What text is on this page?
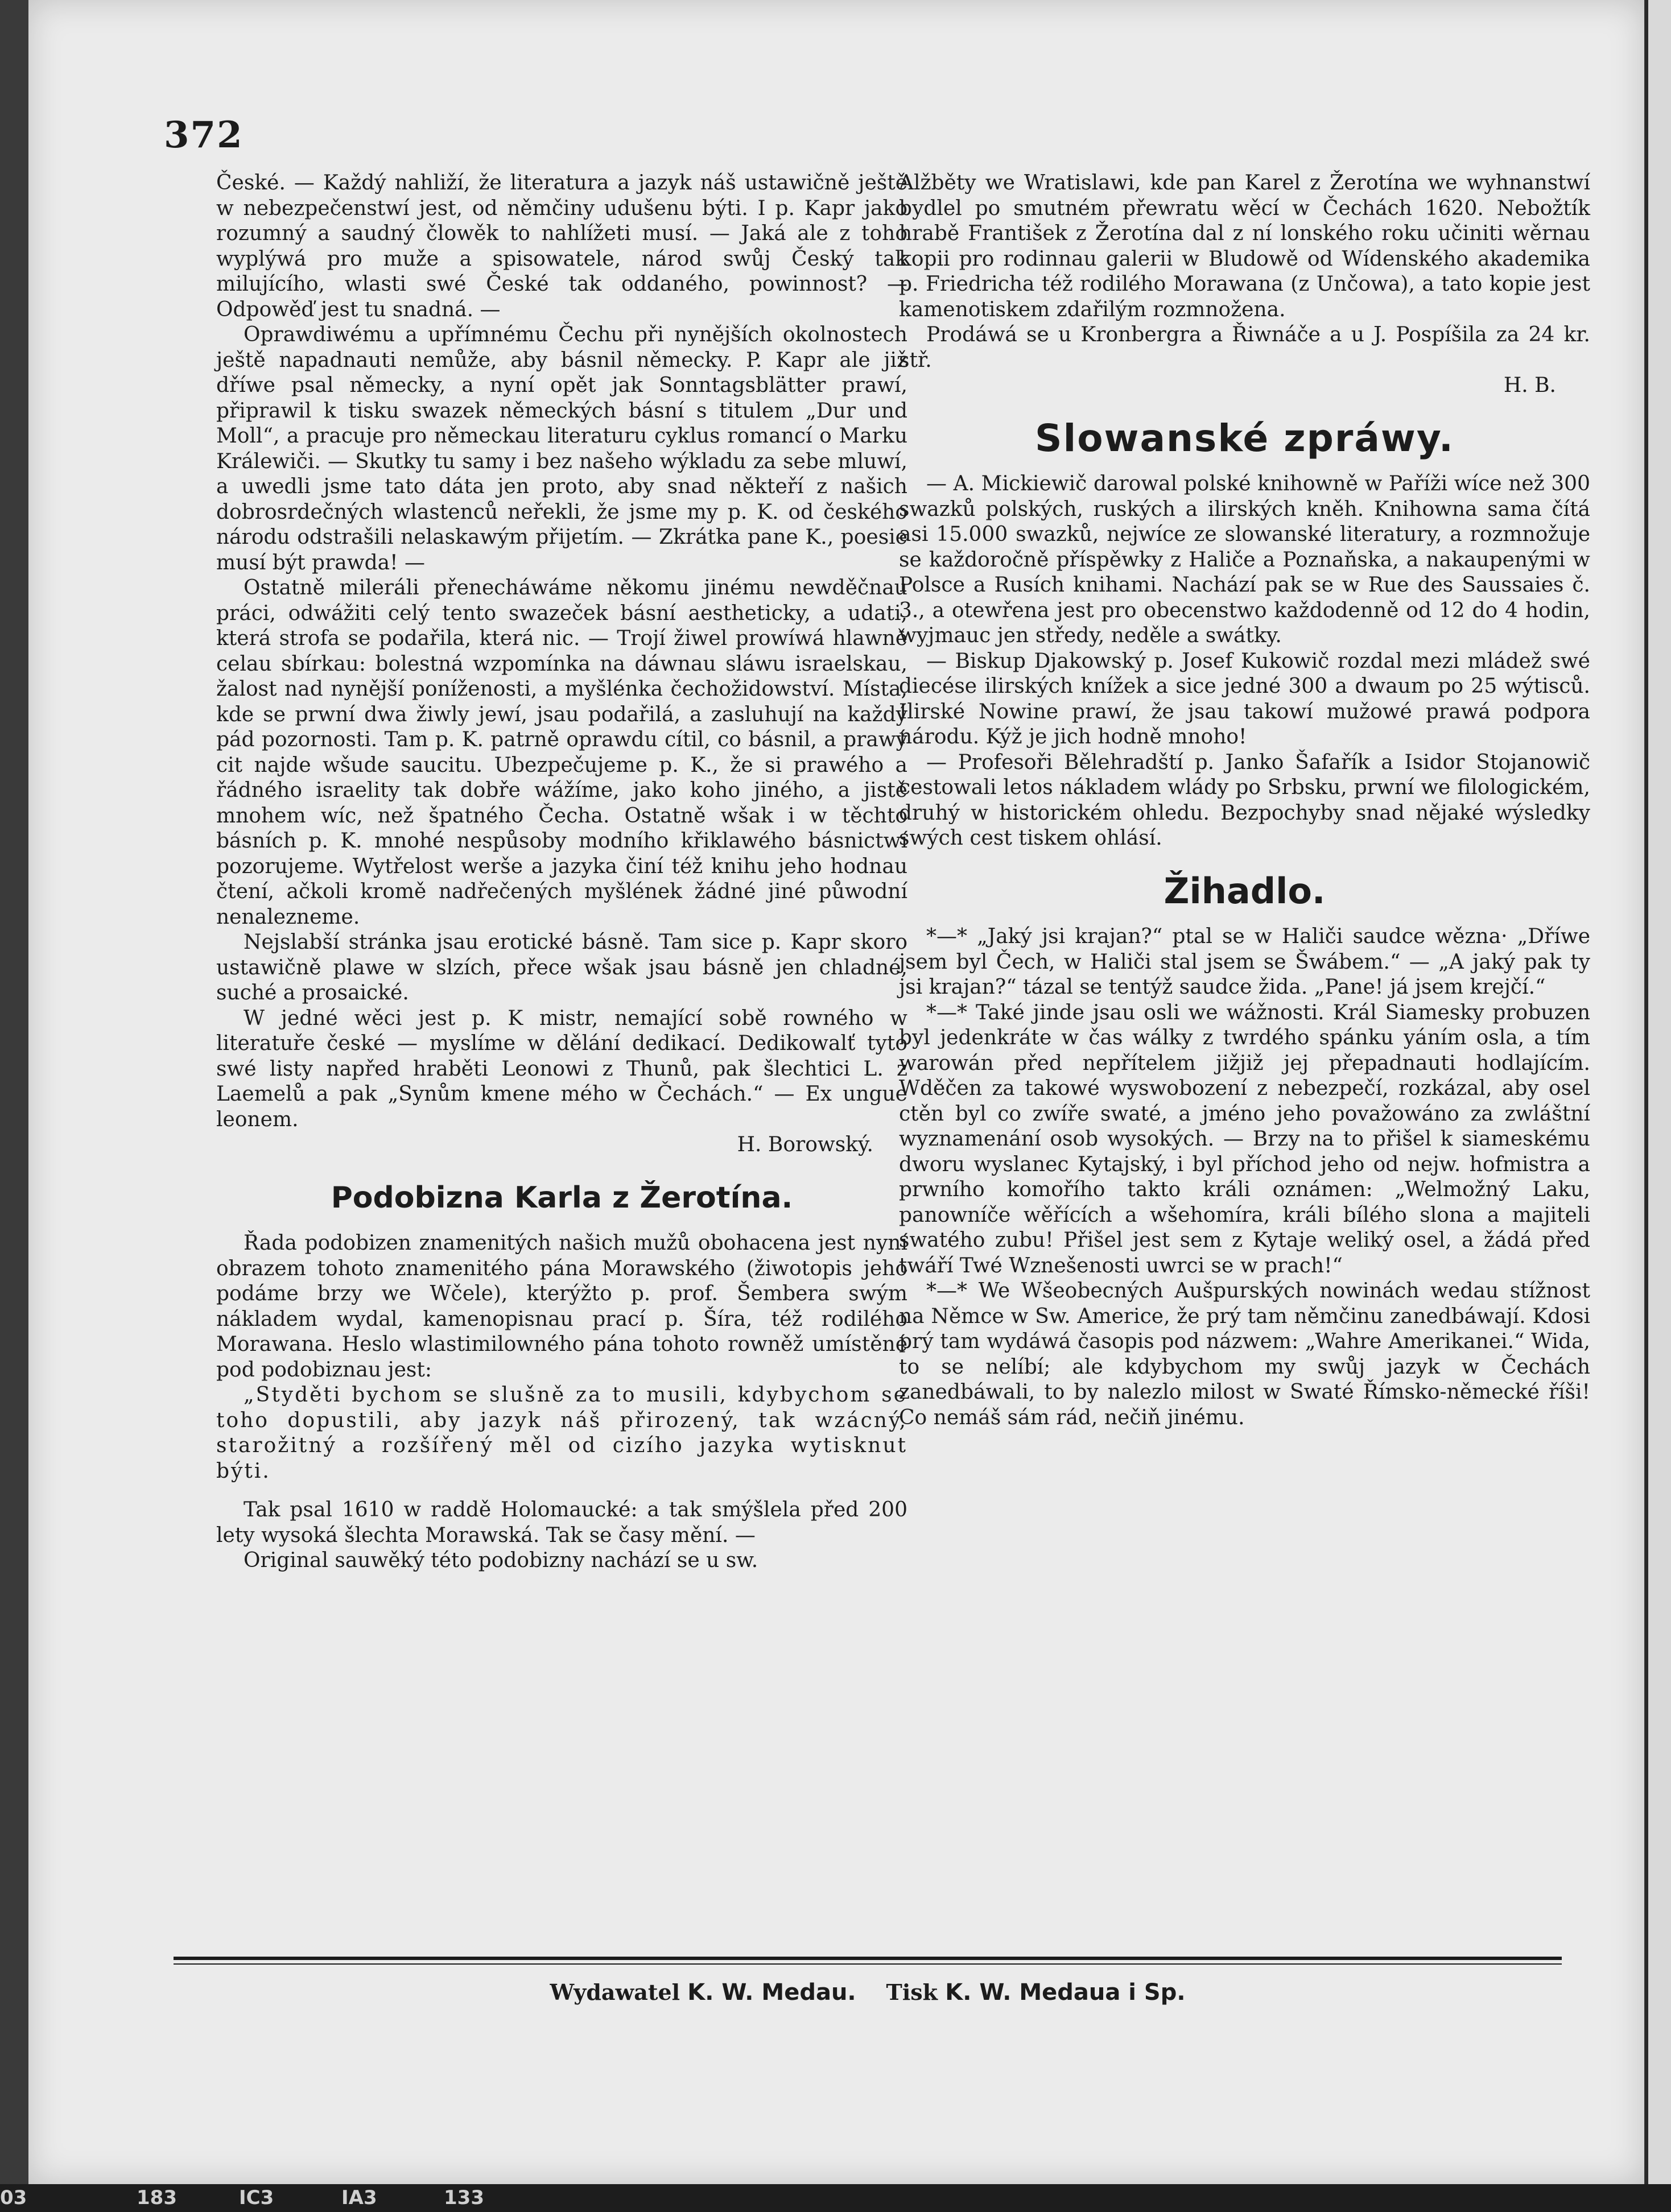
372

České. — Každý nahliží, že literatura a jazyk náš ustawičně ještě w nebezpečenstwí jest, od němčiny udušenu býti. I p. Kapr jako rozumný a saudný člowěk to nahlížeti musí. — Jaká ale z toho wyplýwá pro muže a spisowatele, národ swůj Český tak milujícího, wlasti swé České tak oddaného, powinnost? — Odpowěď jest tu snadná. —

Oprawdiwému a upřímnému Čechu při nynějších okolnostech ještě napadnauti nemůže, aby básnil německy. P. Kapr ale již dříwe psal německy, a nyní opět jak Sonntagsblätter prawí, připrawil k tisku swazek německých básní s titulem „Dur und Moll“, a pracuje pro německau literaturu cyklus romancí o Marku Králewiči. — Skutky tu samy i bez našeho wýkladu za sebe mluwí, a uwedli jsme tato dáta jen proto, aby snad někteří z našich dobrosrdečných wlastenců neřekli, že jsme my p. K. od českého národu odstrašili nelaskawým přijetím. — Zkrátka pane K., poesie musí být prawda! —

Ostatně mileráli přenecháwáme někomu jinému newděčnau práci, odwážiti celý tento swazeček básní aestheticky, a udati, která strofa se podařila, která nic. — Trojí žiwel prowíwá hlawně celau sbírkau: bolestná wzpomínka na dáwnau sláwu israelskau, žalost nad nynější poníženosti, a myšlénka čechožidowství. Místa, kde se prwní dwa žiwly jewí, jsau podařilá, a zasluhují na každý pád pozornosti. Tam p. K. patrně oprawdu cítil, co básnil, a prawý cit najde wšude saucitu. Ubezpečujeme p. K., že si prawého a řádného israelity tak dobře wážíme, jako koho jiného, a jistě mnohem wíc, než špatného Čecha. Ostatně wšak i w těchto básních p. K. mnohé nespůsoby modního křiklawého básnictwí pozorujeme. Wytřelost werše a jazyka činí též knihu jeho hodnau čtení, ačkoli kromě nadřečených myšlének žádné jiné půwodní nenalezneme.

Nejslabší stránka jsau erotické básně. Tam sice p. Kapr skoro ustawičně plawe w slzích, přece wšak jsau básně jen chladné, suché a prosaické.

W jedné wěci jest p. K mistr, nemající sobě rowného w literatuře české — myslíme w dělání dedikací. Dedikowalť tyto swé listy napřed hraběti Leonowi z Thunů, pak šlechtici L. z Laemelů a pak „Synům kmene mého w Čechách.“ — Ex ungue leonem.

H. Borowský.

Podobizna Karla z Žerotína.

Řada podobizen znamenitých našich mužů obohacena jest nyní obrazem tohoto znamenitého pána Morawského (žiwotopis jeho podáme brzy we Wčele), kterýžto p. prof. Šembera swým nákladem wydal, kamenopisnau prací p. Šíra, též rodilého Morawana. Heslo wlastimilowného pána tohoto rowněž umístěné pod podobiznau jest:

„Styděti bychom se slušně za to musili, kdybychom se toho dopustili, aby jazyk náš přirozený, tak wzácný, starožitný a rozšířený měl od cizího jazyka wytisknut býti.

Tak psal 1610 w raddě Holomaucké: a tak smýšlela před 200 lety wysoká šlechta Morawská. Tak se časy mění. —

Original sauwěký této podobizny nachází se u sw.

Alžběty we Wratislawi, kde pan Karel z Žerotína we wyhnanstwí bydlel po smutném přewratu wěcí w Čechách 1620. Nebožtík hrabě František z Žerotína dal z ní lonského roku učiniti wěrnau kopii pro rodinnau galerii w Bludowě od Wídenského akademika p. Friedricha též rodilého Morawana (z Unčowa), a tato kopie jest kamenotiskem zdařilým rozmnožena.

Prodáwá se u Kronbergra a Řiwnáče a u J. Pospíšila za 24 kr. stř.

H. B.

Slowanské zpráwy.

— A. Mickiewič darowal polské knihowně w Paříži wíce než 300 swazků polských, ruských a ilirských kněh. Knihowna sama čítá asi 15.000 swazků, nejwíce ze slowanské literatury, a rozmnožuje se každoročně příspěwky z Haliče a Poznaňska, a nakaupenými w Polsce a Rusích knihami. Nachází pak se w Rue des Saussaies č. 3., a otewřena jest pro obecenstwo každodenně od 12 do 4 hodin, wyjmauc jen středy, neděle a swátky.

— Biskup Djakowský p. Josef Kukowič rozdal mezi mládež swé diecése ilirských knížek a sice jedné 300 a dwaum po 25 wýtisců. Ilirské Nowine prawí, že jsau takowí mužowé prawá podpora národu. Kýž je jich hodně mnoho!

— Profesoři Bělehradští p. Janko Šafařík a Isidor Stojanowič cestowali letos nákladem wlády po Srbsku, prwní we filologickém, druhý w historickém ohledu. Bezpochyby snad nějaké wýsledky swých cest tiskem ohlásí.

Žihadlo.

*—* „Jaký jsi krajan?“ ptal se w Haliči saudce wězna· „Dříwe jsem byl Čech, w Haliči stal jsem se Šwábem.“ — „A jaký pak ty jsi krajan?“ tázal se tentýž saudce žida. „Pane! já jsem krejčí.“

*—* Také jinde jsau osli we wážnosti. Král Siamesky probuzen byl jedenkráte w čas wálky z twrdého spánku yáním osla, a tím warowán před nepřítelem jižjiž jej přepadnauti hodlajícím. Wděčen za takowé wyswobození z nebezpečí, rozkázal, aby osel ctěn byl co zwíře swaté, a jméno jeho považowáno za zwláštní wyznamenání osob wysokých. — Brzy na to přišel k siameskému dworu wyslanec Kytajský, i byl příchod jeho od nejw. hofmistra a prwního komořího takto králi oznámen: „Welmožný Laku, panowníče wěřících a wšehomíra, králi bílého slona a majiteli swatého zubu! Přišel jest sem z Kytaje weliký osel, a žádá před twáří Twé Wznešenosti uwrci se w prach!“

*—* We Wšeobecných Aušpurských nowinách wedau stížnost na Němce w Sw. Americe, že prý tam němčinu zanedbáwají. Kdosi prý tam wydáwá časopis pod názwem: „Wahre Amerikanei.“ Wida, to se nelíbí; ale kdybychom my swůj jazyk w Čechách zanedbáwali, to by nalezlo milost w Swaté Římsko-německé říši! Co nemáš sám rád, nečiň jinému.

Wydawatel K. W. Medau. Tisk K. W. Medaua i Sp.
03	183	IC3	IA3	133
